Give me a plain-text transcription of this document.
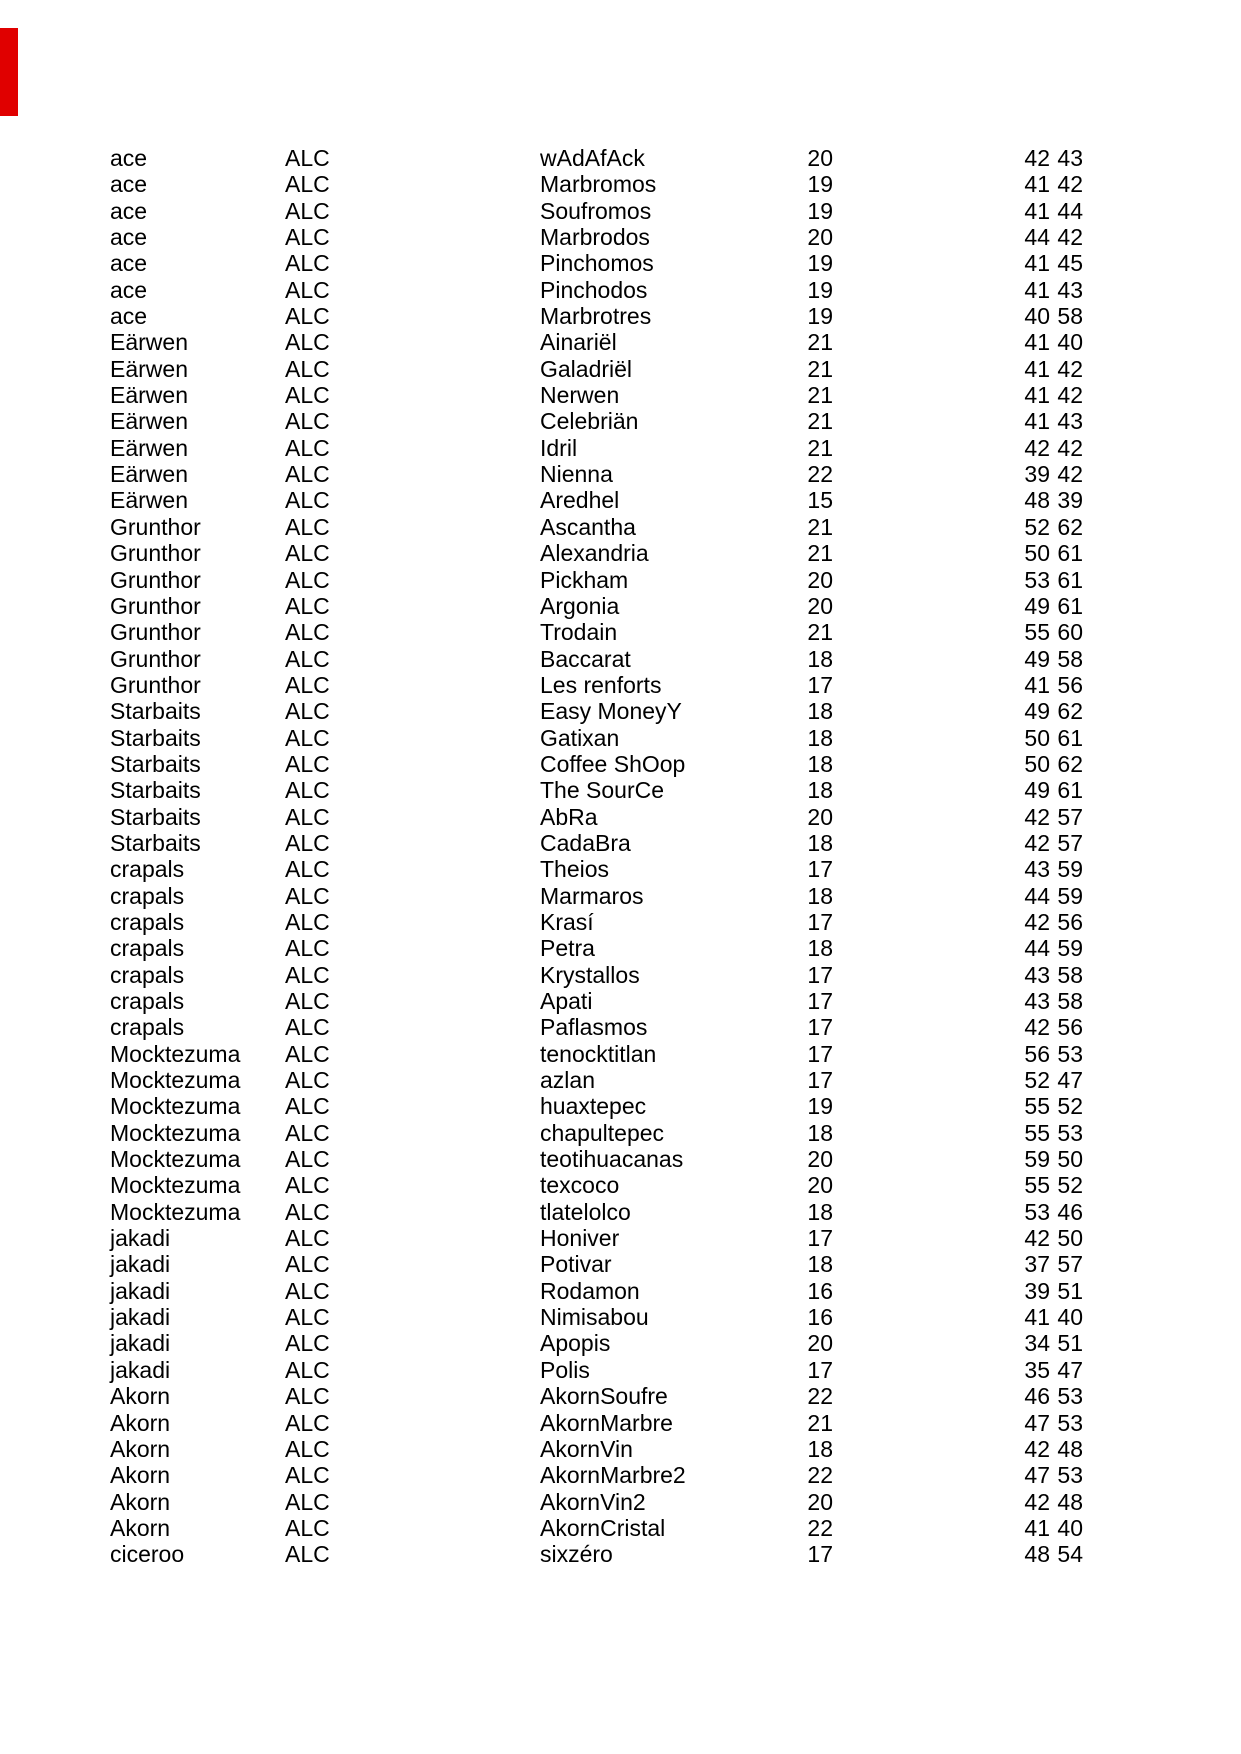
ace	ALC	wAdAfAck	20	42 43
ace	ALC	Marbromos	19	41 42
ace	ALC	Soufromos	19	41 44
ace	ALC	Marbrodos	20	44 42
ace	ALC	Pinchomos	19	41 45
ace	ALC	Pinchodos	19	41 43
ace	ALC	Marbrotres	19	40 58
Eärwen	ALC	Ainariël	21	41 40
Eärwen	ALC	Galadriël	21	41 42
Eärwen	ALC	Nerwen	21	41 42
Eärwen	ALC	Celebriän	21	41 43
Eärwen	ALC	Idril	21	42 42
Eärwen	ALC	Nienna	22	39 42
Eärwen	ALC	Aredhel	15	48 39
Grunthor	ALC	Ascantha	21	52 62
Grunthor	ALC	Alexandria	21	50 61
Grunthor	ALC	Pickham	20	53 61
Grunthor	ALC	Argonia	20	49 61
Grunthor	ALC	Trodain	21	55 60
Grunthor	ALC	Baccarat	18	49 58
Grunthor	ALC	Les renforts	17	41 56
Starbaits	ALC	Easy MoneyY	18	49 62
Starbaits	ALC	Gatixan	18	50 61
Starbaits	ALC	Coffee ShOop	18	50 62
Starbaits	ALC	The SourCe	18	49 61
Starbaits	ALC	AbRa	20	42 57
Starbaits	ALC	CadaBra	18	42 57
crapals	ALC	Theios	17	43 59
crapals	ALC	Marmaros	18	44 59
crapals	ALC	Krasí	17	42 56
crapals	ALC	Petra	18	44 59
crapals	ALC	Krystallos	17	43 58
crapals	ALC	Apati	17	43 58
crapals	ALC	Paflasmos	17	42 56
Mocktezuma ALC	tenocktitlan	17	56 53
Mocktezuma ALC	azlan	17	52 47
Mocktezuma ALC	huaxtepec	19	55 52
Mocktezuma ALC	chapultepec	18	55 53
Mocktezuma ALC	teotihuacanas	20	59 50
Mocktezuma ALC	texcoco	20	55 52
Mocktezuma ALC	tlatelolco	18	53 46
jakadi	ALC	Honiver	17	42 50
jakadi	ALC	Potivar	18	37 57
jakadi	ALC	Rodamon	16	39 51
jakadi	ALC	Nimisabou	16	41 40
jakadi	ALC	Apopis	20	34 51
jakadi	ALC	Polis	17	35 47
Akorn	ALC	AkornSoufre	22	46 53
Akorn	ALC	AkornMarbre	21	47 53
Akorn	ALC	AkornVin	18	42 48
Akorn	ALC	AkornMarbre2	22	47 53
Akorn	ALC	AkornVin2	20	42 48
Akorn	ALC	AkornCristal	22	41 40
ciceroo	ALC	sixzéro	17	48 54
